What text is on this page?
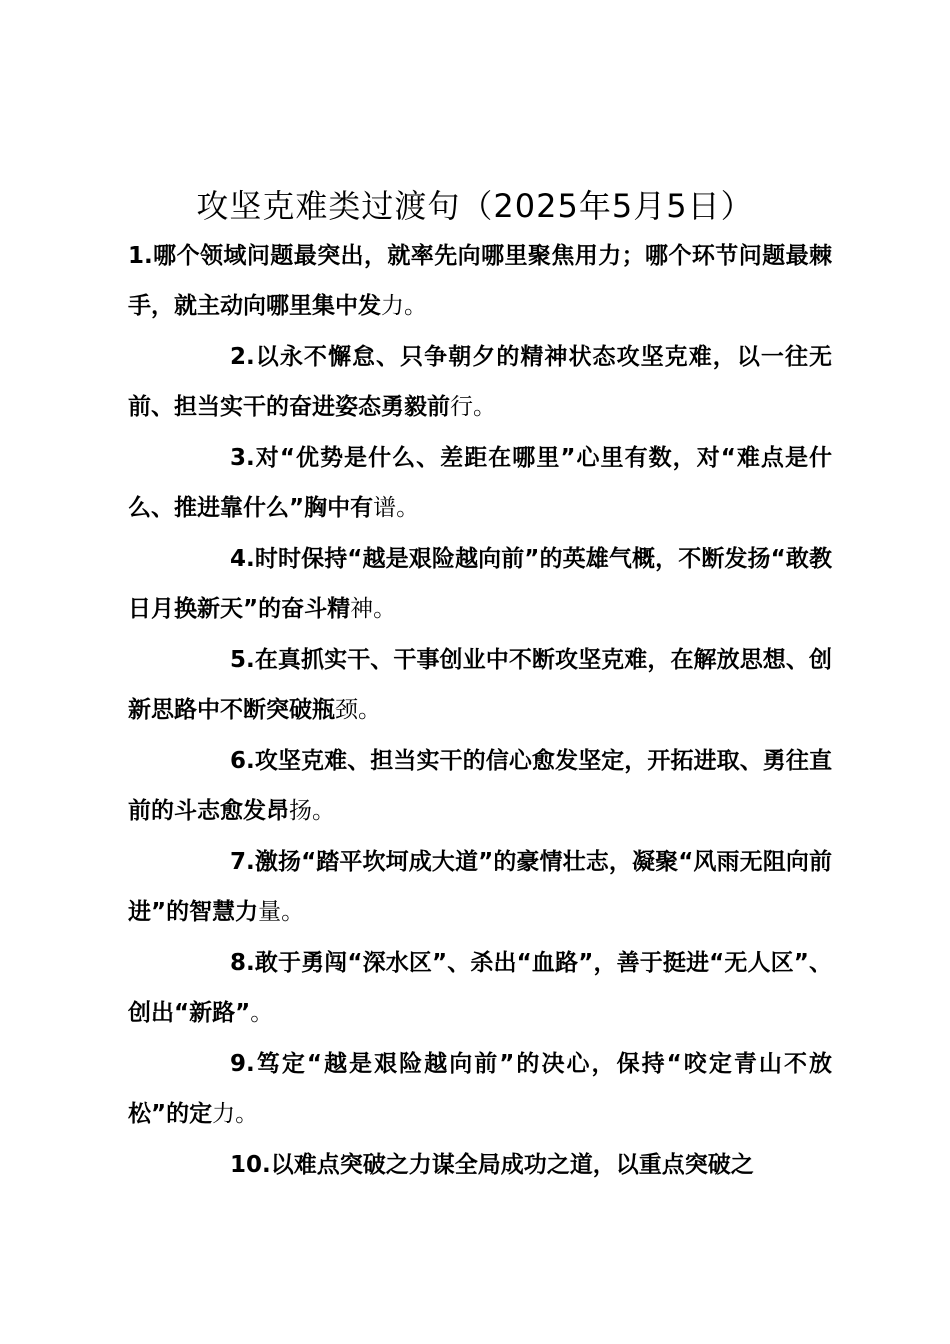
攻坚克难类过渡句（2025年5月5日）

1.哪个领域问题最突出，就率先向哪里聚焦用力；哪个环节问题最棘手，就主动向哪里集中发力。

2.以永不懈怠、只争朝夕的精神状态攻坚克难，以一往无前、担当实干的奋进姿态勇毅前行。

3.对“优势是什么、差距在哪里”心里有数，对“难点是什么、推进靠什么”胸中有谱。

4.时时保持“越是艰险越向前”的英雄气概，不断发扬“敢教日月换新天”的奋斗精神。

5.在真抓实干、干事创业中不断攻坚克难，在解放思想、创新思路中不断突破瓶颈。

6.攻坚克难、担当实干的信心愈发坚定，开拓进取、勇往直前的斗志愈发昂扬。

7.激扬“踏平坎坷成大道”的豪情壮志，凝聚“风雨无阻向前进”的智慧力量。

8.敢于勇闯“深水区”、杀出“血路”，善于挺进“无人区”、创出“新路”。

9.笃定“越是艰险越向前”的决心，保持“咬定青山不放松”的定力。

10.以难点突破之力谋全局成功之道，以重点突破之
